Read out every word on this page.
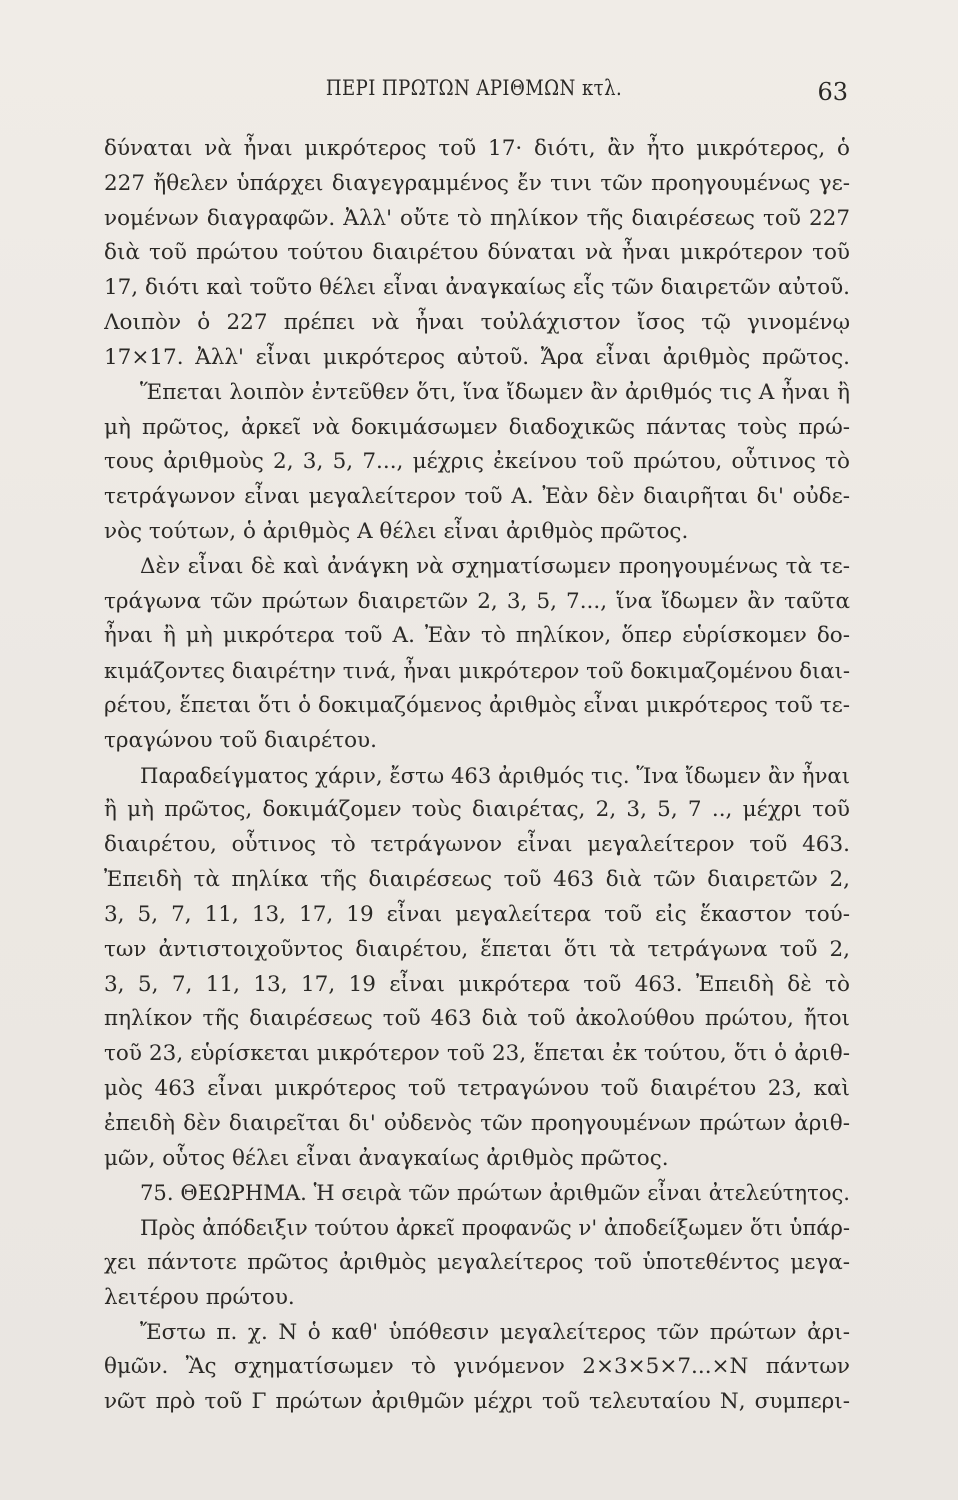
ΠΕΡΙ ΠΡΩΤΩΝ ΑΡΙΘΜΩΝ κτλ.	63
δύναται νὰ ἦναι μικρότερος τοῦ 17· διότι, ἂν ἦτο μικρότερος, ὁ
227 ἤθελεν ὑπάρχει διαγεγραμμένος ἔν τινι τῶν προηγουμένως γε-
νομένων διαγραφῶν. Ἀλλ' οὔτε τὸ πηλίκον τῆς διαιρέσεως τοῦ 227
διὰ τοῦ πρώτου τούτου διαιρέτου δύναται νὰ ἦναι μικρότερον τοῦ
17, διότι καὶ τοῦτο θέλει εἶναι ἀναγκαίως εἷς τῶν διαιρετῶν αὐτοῦ.
Λοιπὸν ὁ 227 πρέπει νὰ ἦναι τοὐλάχιστον ἴσος τῷ γινομένῳ
17×17. Ἀλλ' εἶναι μικρότερος αὐτοῦ. Ἄρα εἶναι ἀριθμὸς πρῶτος.
Ἕπεται λοιπὸν ἐντεῦθεν ὅτι, ἵνα ἴδωμεν ἂν ἀριθμός τις Α ἦναι ἢ
μὴ πρῶτος, ἀρκεῖ νὰ δοκιμάσωμεν διαδοχικῶς πάντας τοὺς πρώ-
τους ἀριθμοὺς 2, 3, 5, 7..., μέχρις ἐκείνου τοῦ πρώτου, οὗτινος τὸ
τετράγωνον εἶναι μεγαλείτερον τοῦ Α. Ἐὰν δὲν διαιρῆται δι' οὐδε-
νὸς τούτων, ὁ ἀριθμὸς Α θέλει εἶναι ἀριθμὸς πρῶτος.
Δὲν εἶναι δὲ καὶ ἀνάγκη νὰ σχηματίσωμεν προηγουμένως τὰ τε-
τράγωνα τῶν πρώτων διαιρετῶν 2, 3, 5, 7..., ἵνα ἴδωμεν ἂν ταῦτα
ἦναι ἢ μὴ μικρότερα τοῦ Α. Ἐὰν τὸ πηλίκον, ὅπερ εὑρίσκομεν δο-
κιμάζοντες διαιρέτην τινά, ἦναι μικρότερον τοῦ δοκιμαζομένου διαι-
ρέτου, ἕπεται ὅτι ὁ δοκιμαζόμενος ἀριθμὸς εἶναι μικρότερος τοῦ τε-
τραγώνου τοῦ διαιρέτου.
Παραδείγματος χάριν, ἔστω 463 ἀριθμός τις. Ἵνα ἴδωμεν ἂν ἦναι
ἢ μὴ πρῶτος, δοκιμάζομεν τοὺς διαιρέτας, 2, 3, 5, 7 .., μέχρι τοῦ
διαιρέτου, οὗτινος τὸ τετράγωνον εἶναι μεγαλείτερον τοῦ 463.
Ἐπειδὴ τὰ πηλίκα τῆς διαιρέσεως τοῦ 463 διὰ τῶν διαιρετῶν 2,
3, 5, 7, 11, 13, 17, 19 εἶναι μεγαλείτερα τοῦ εἰς ἕκαστον τού-
των ἀντιστοιχοῦντος διαιρέτου, ἕπεται ὅτι τὰ τετράγωνα τοῦ 2,
3, 5, 7, 11, 13, 17, 19 εἶναι μικρότερα τοῦ 463. Ἐπειδὴ δὲ τὸ
πηλίκον τῆς διαιρέσεως τοῦ 463 διὰ τοῦ ἀκολούθου πρώτου, ἤτοι
τοῦ 23, εὑρίσκεται μικρότερον τοῦ 23, ἕπεται ἐκ τούτου, ὅτι ὁ ἀριθ-
μὸς 463 εἶναι μικρότερος τοῦ τετραγώνου τοῦ διαιρέτου 23, καὶ
ἐπειδὴ δὲν διαιρεῖται δι' οὐδενὸς τῶν προηγουμένων πρώτων ἀριθ-
μῶν, οὗτος θέλει εἶναι ἀναγκαίως ἀριθμὸς πρῶτος.
75. ΘΕΩΡΗΜΑ. Ἡ σειρὰ τῶν πρώτων ἀριθμῶν εἶναι ἀτελεύτητος.
Πρὸς ἀπόδειξιν τούτου ἀρκεῖ προφανῶς ν' ἀποδείξωμεν ὅτι ὑπάρ-
χει πάντοτε πρῶτος ἀριθμὸς μεγαλείτερος τοῦ ὑποτεθέντος μεγα-
λειτέρου πρώτου.
Ἔστω π. χ. Ν ὁ καθ' ὑπόθεσιν μεγαλείτερος τῶν πρώτων ἀρι-
θμῶν. Ἂς σχηματίσωμεν τὸ γινόμενον 2×3×5×7...×Ν πάντων
νῶτ πρὸ τοῦ Γ πρώτων ἀριθμῶν μέχρι τοῦ τελευταίου Ν, συμπερι-
